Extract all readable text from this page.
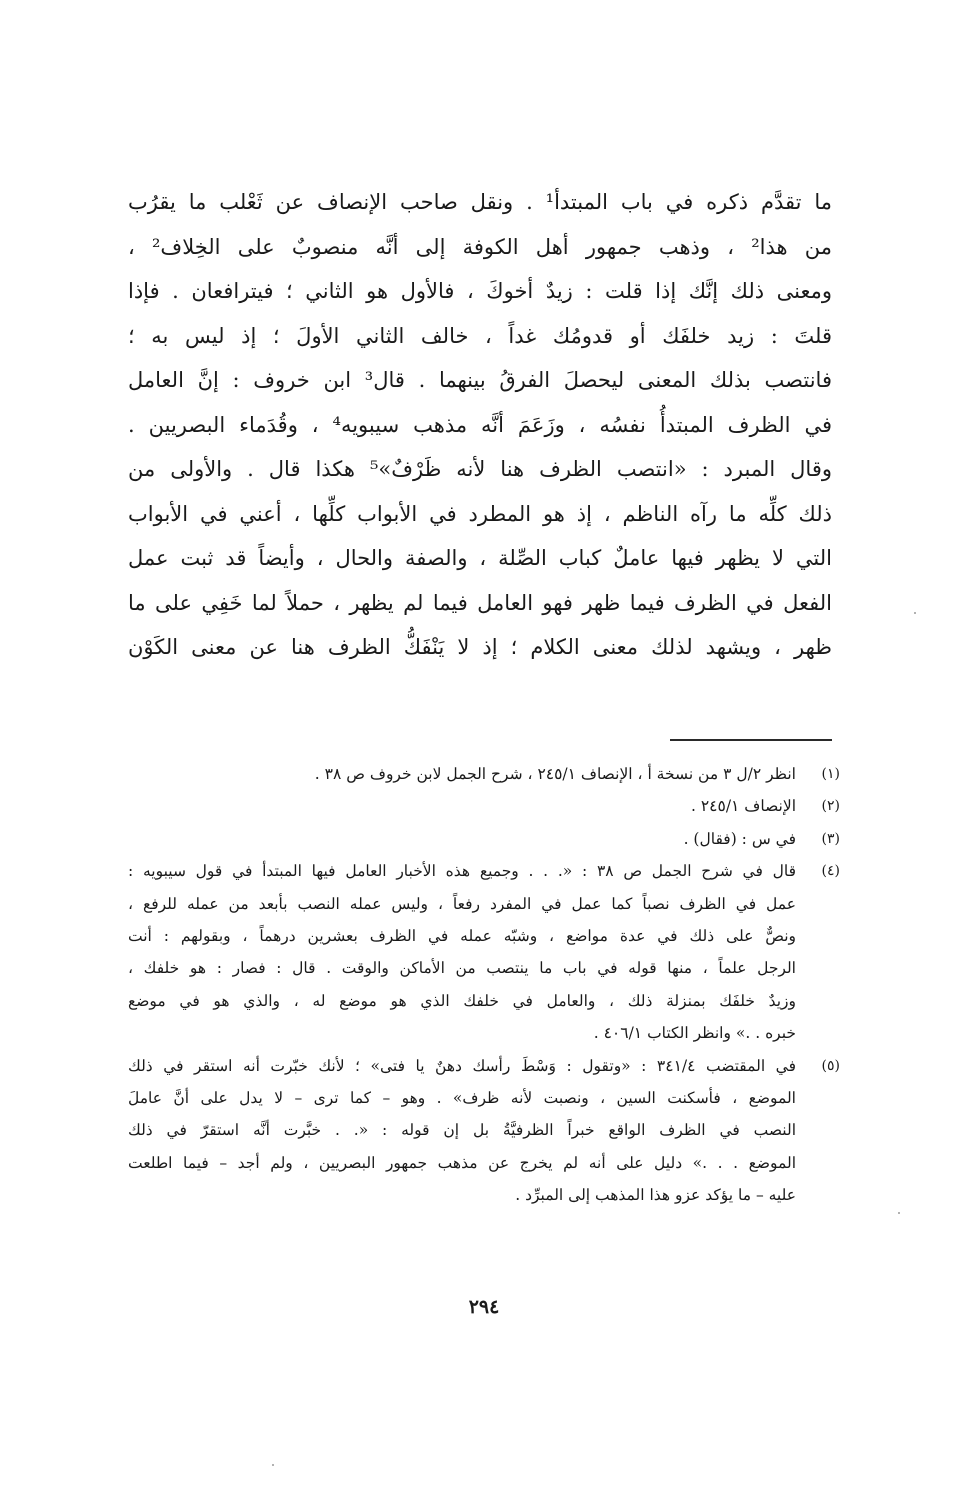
ما تقدَّم ذكره في باب المبتدأ¹ . ونقل صاحب الإنصاف عن ثَعْلب ما يقرُب
من هذا² ، وذهب جمهور أهل الكوفة إلى أنَّه منصوبٌ على الخِلاف² ،
ومعنى ذلك إنَّك إذا قلت : زيدٌ أخوكَ ، فالأول هو الثاني ؛ فيترافعان . فإذا
قلتَ : زيد خلفَك أو قدومُك غداً ، خالف الثاني الأولَ ؛ إذ ليس به ؛
فانتصب بذلك المعنى ليحصلَ الفرقُ بينهما . قال³ ابن خروف : إنَّ العامل
في الظرف المبتدأُ نفسُه ، وزَعَمَ أنَّه مذهب سيبويه⁴ ، وقُدَماء البصريين .
وقال المبرد : «انتصب الظرف هنا لأنه ظَرْفٌ»⁵ هكذا قال . والأولى من
ذلك كلِّه ما رآه الناظم ، إذ هو المطرد في الأبواب كلِّها ، أعني في الأبواب
التي لا يظهر فيها عاملٌ كباب الصِّلة ، والصفة والحال ، وأيضاً قد ثبت عمل
الفعل في الظرف فيما ظهر فهو العامل فيما لم يظهر ، حملاً لما خَفِي على ما
ظهر ، ويشهد لذلك معنى الكلام ؛ إذ لا يَنْفَكُّ الظرف هنا عن معنى الكَوْن
(١)
انظر ٢/ل ٣ من نسخة أ ، الإنصاف ٢٤٥/١ ، شرح الجمل لابن خروف ص ٣٨ .
(٢)
الإنصاف ٢٤٥/١ .
(٣)
في س : (فقال) .
(٤)
قال في شرح الجمل ص ٣٨ : «. . . وجميع هذه الأخبار العامل فيها المبتدأ في قول سيبويه :
عمل في الظرف نصباً كما عمل في المفرد رفعاً ، وليس عمله النصب بأبعد من عمله للرفع ،
ونصٌّ على ذلك في عدة مواضع ، وشبّه عمله في الظرف بعشرين درهماً ، وبقولهم : أنت
الرجل علماً ، منها قوله في باب ما ينتصب من الأماكن والوقت . قال : فصار : هو خلفك ،
وزيدٌ خلفَك بمنزلة ذلك ، والعامل في خلفك الذي هو موضع له ، والذي هو في موضع
خبره . .» وانظر الكتاب ٤٠٦/١ .
(٥)
في المقتضب ٣٤١/٤ : «وتقول : وَسْطَ رأسك دهنٌ يا فتى» ؛ لأنك خبّرت أنه استقر في ذلك
الموضع ، فأسكنت السين ، ونصبت لأنه ظرف» . وهو – كما ترى – لا يدل على أنَّ عاملَ
النصب في الظرف الواقع خبراً الظرفيَّةُ بل إن قوله : «. . خبَّرت أنَّه استقرّ في ذلك
الموضع . . .» دليل على أنه لم يخرج عن مذهب جمهور البصريين ، ولم أجد – فيما اطلعت
عليه – ما يؤكد عزو هذا المذهب إلى المبرِّد .
٢٩٤
